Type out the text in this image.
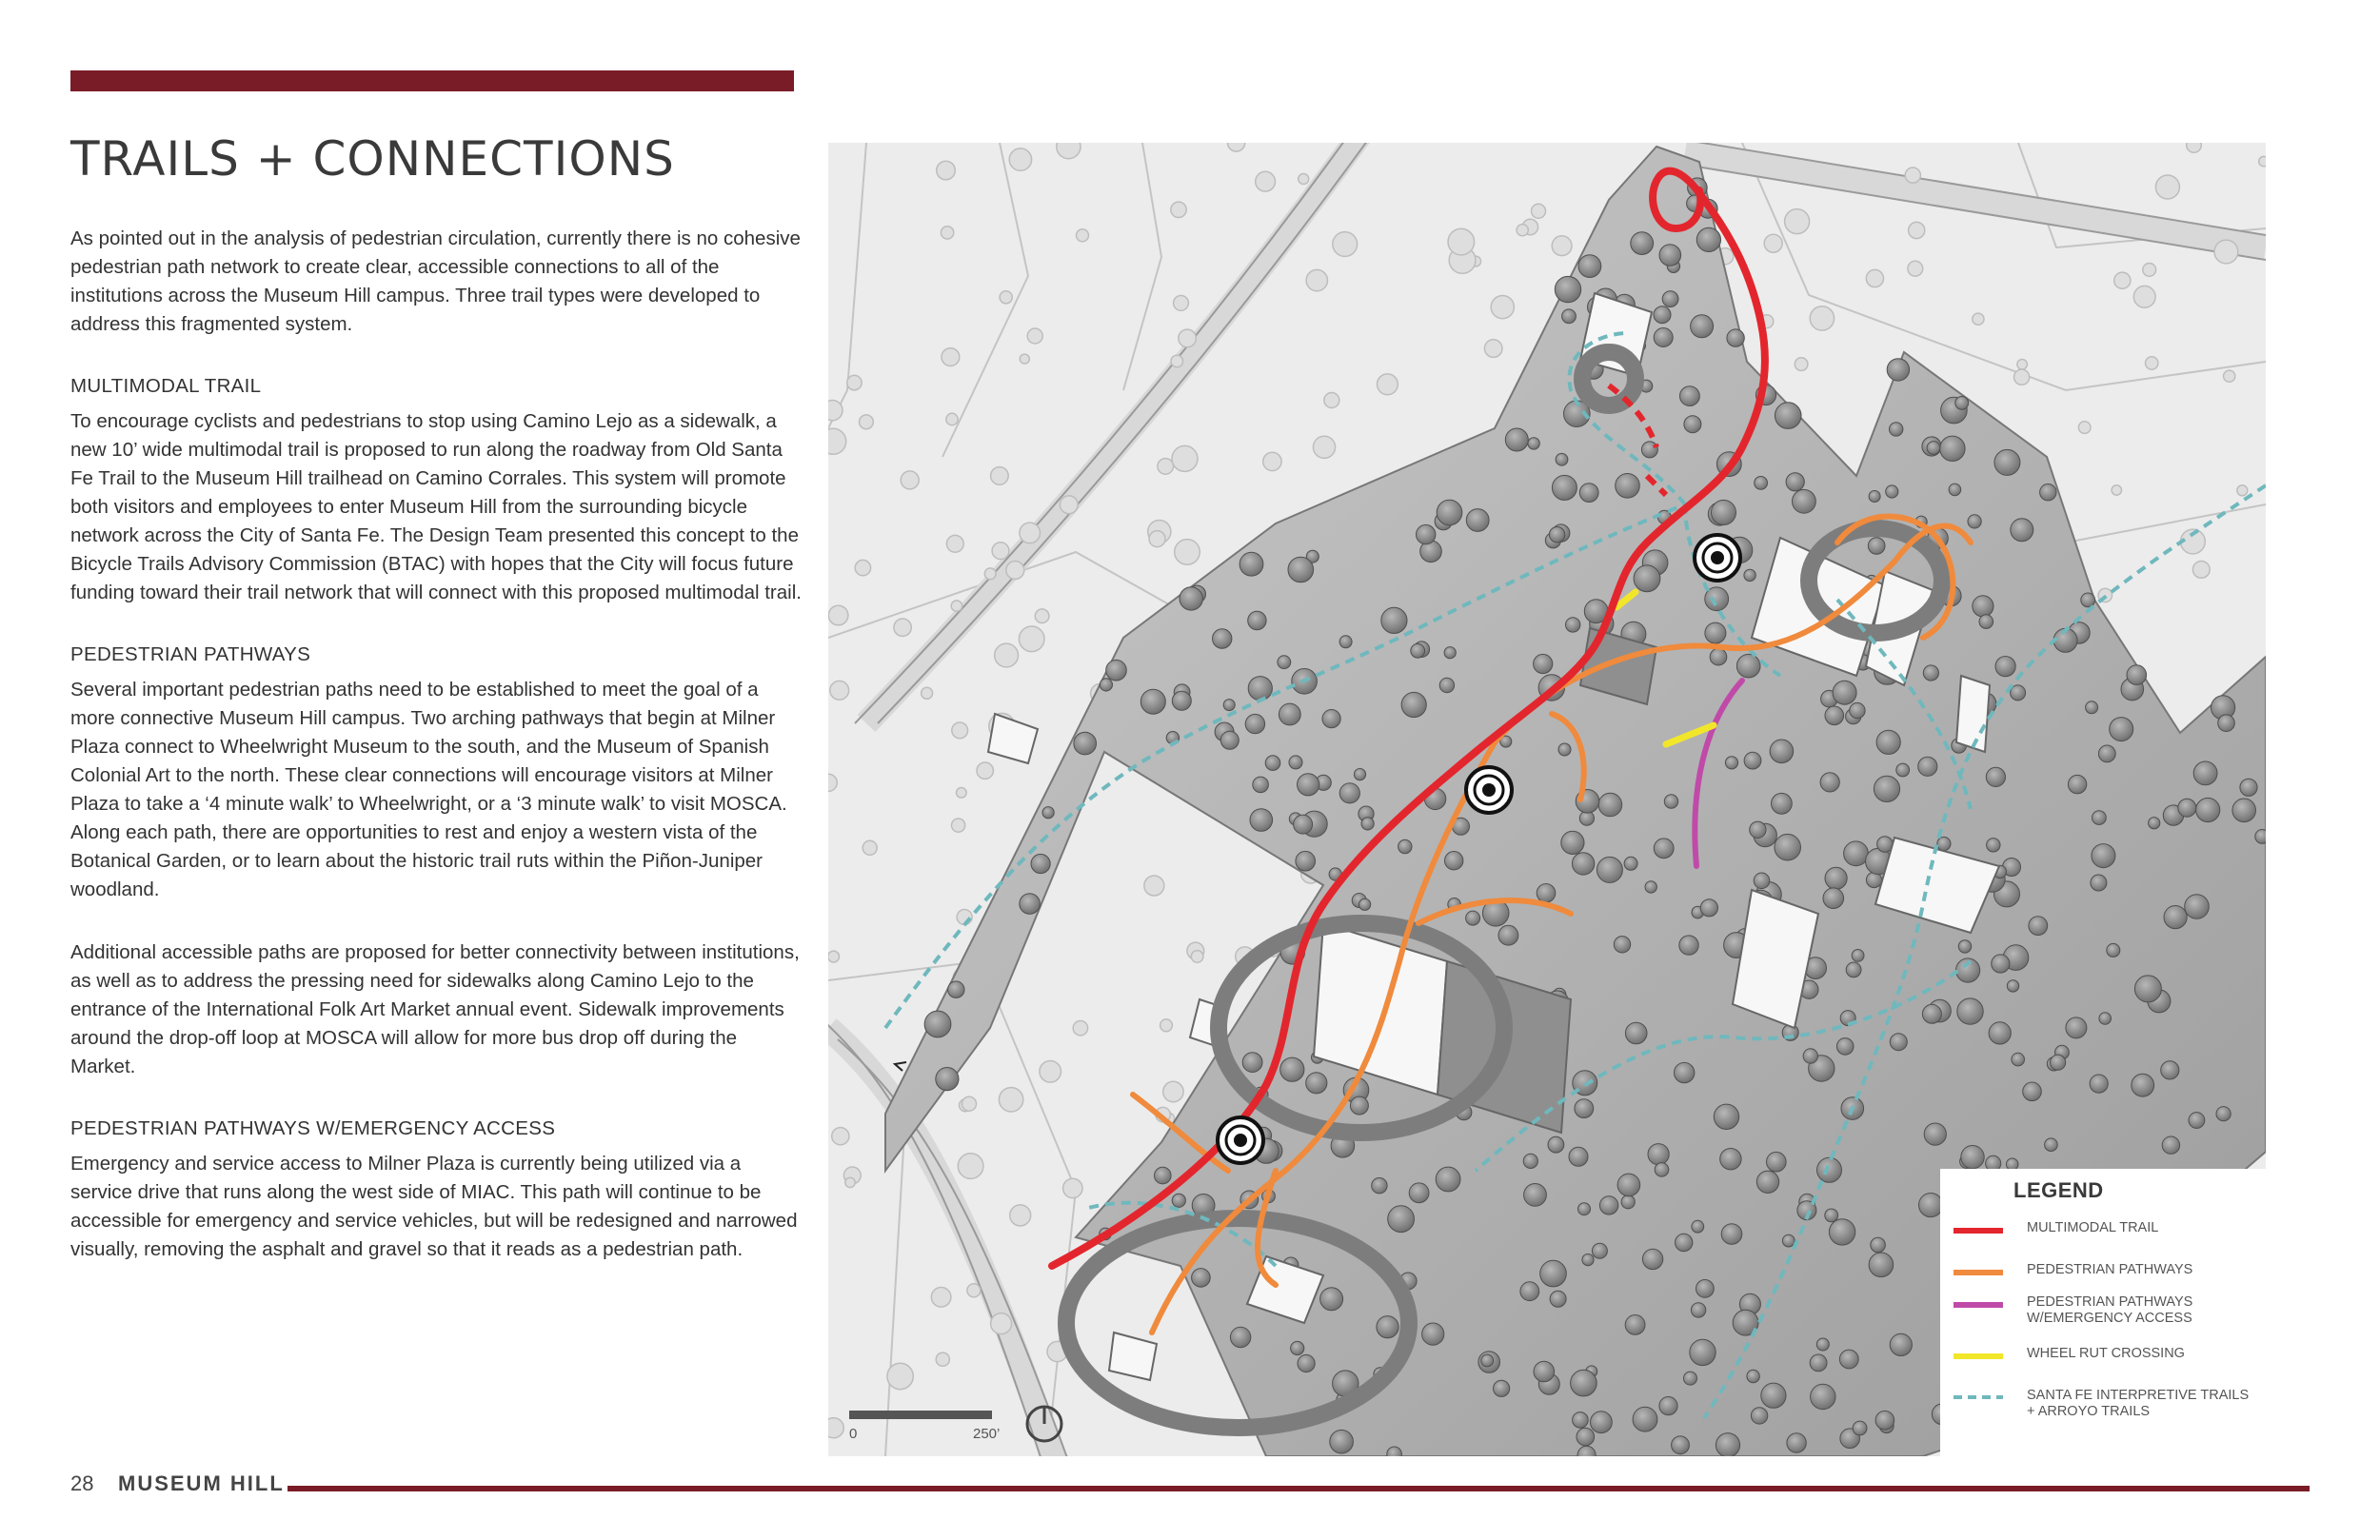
TRAILS + CONNECTIONS

As pointed out in the analysis of pedestrian circulation, currently there is no cohesive pedestrian path network to create clear, accessible connections to all of the institutions across the Museum Hill campus. Three trail types were developed to address this fragmented system.

MULTIMODAL TRAIL

To encourage cyclists and pedestrians to stop using Camino Lejo as a sidewalk, a new 10’ wide multimodal trail is proposed to run along the roadway from Old Santa Fe Trail to the Museum Hill trailhead on Camino Corrales. This system will promote both visitors and employees to enter Museum Hill from the surrounding bicycle network across the City of Santa Fe. The Design Team presented this concept to the Bicycle Trails Advisory Commission (BTAC) with hopes that the City will focus future funding toward their trail network that will connect with this proposed multimodal trail.

PEDESTRIAN PATHWAYS

Several important pedestrian paths need to be established to meet the goal of a more connective Museum Hill campus. Two arching pathways that begin at Milner Plaza connect to Wheelwright Museum to the south, and the Museum of Spanish Colonial Art to the north. These clear connections will encourage visitors at Milner Plaza to take a ‘4 minute walk’ to Wheelwright, or a ‘3 minute walk’ to visit MOSCA. Along each path, there are opportunities to rest and enjoy a western vista of the Botanical Garden, or to learn about the historic trail ruts within the Piñon-Juniper woodland.

Additional accessible paths are proposed for better connectivity between institutions, as well as to address the pressing need for sidewalks along Camino Lejo to the entrance of the International Folk Art Market annual event. Sidewalk improvements around the drop-off loop at MOSCA will allow for more bus drop off during the Market.

PEDESTRIAN PATHWAYS W/EMERGENCY ACCESS

Emergency and service access to Milner Plaza is currently being utilized via a service drive that runs along the west side of MIAC. This path will continue to be accessible for emergency and service vehicles, but will be redesigned and narrowed visually, removing the asphalt and gravel so that it reads as a pedestrian path.

LEGEND
MULTIMODAL TRAIL
PEDESTRIAN PATHWAYS
PEDESTRIAN PATHWAYS W/EMERGENCY ACCESS
WHEEL RUT CROSSING
SANTA FE INTERPRETIVE TRAILS + ARROYO TRAILS
0	250’
28 MUSEUM HILL
